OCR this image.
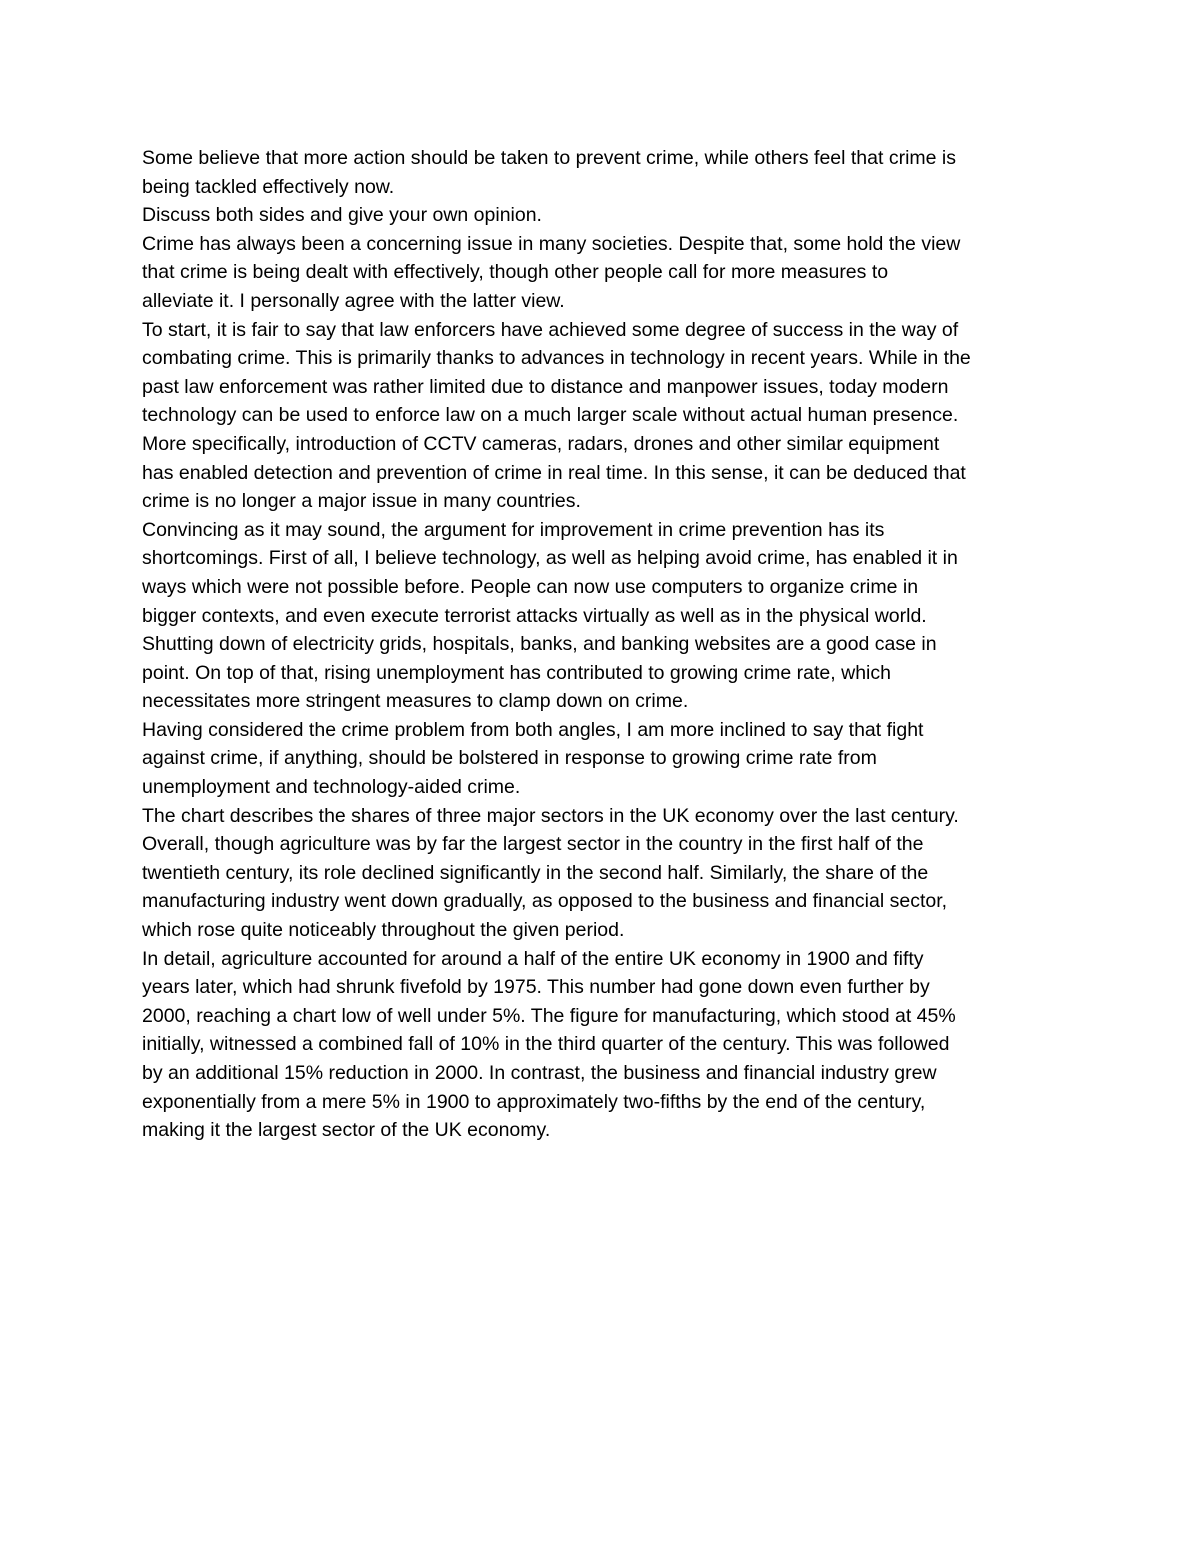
Some believe that more action should be taken to prevent crime, while others feel that crime is
being tackled effectively now.

Discuss both sides and give your own opinion.

Crime has always been a concerning issue in many societies. Despite that, some hold the view
that crime is being dealt with effectively, though other people call for more measures to
alleviate it. I personally agree with the latter view.

To start, it is fair to say that law enforcers have achieved some degree of success in the way of
combating crime. This is primarily thanks to advances in technology in recent years. While in the
past law enforcement was rather limited due to distance and manpower issues, today modern
technology can be used to enforce law on a much larger scale without actual human presence.
More specifically, introduction of CCTV cameras, radars, drones and other similar equipment
has enabled detection and prevention of crime in real time. In this sense, it can be deduced that
crime is no longer a major issue in many countries.

Convincing as it may sound, the argument for improvement in crime prevention has its
shortcomings. First of all, I believe technology, as well as helping avoid crime, has enabled it in
ways which were not possible before. People can now use computers to organize crime in
bigger contexts, and even execute terrorist attacks virtually as well as in the physical world.
Shutting down of electricity grids, hospitals, banks, and banking websites are a good case in
point. On top of that, rising unemployment has contributed to growing crime rate, which
necessitates more stringent measures to clamp down on crime.

Having considered the crime problem from both angles, I am more inclined to say that fight
against crime, if anything, should be bolstered in response to growing crime rate from
unemployment and technology-aided crime.

The chart describes the shares of three major sectors in the UK economy over the last century.

Overall, though agriculture was by far the largest sector in the country in the first half of the
twentieth century, its role declined significantly in the second half. Similarly, the share of the
manufacturing industry went down gradually, as opposed to the business and financial sector,
which rose quite noticeably throughout the given period.

In detail, agriculture accounted for around a half of the entire UK economy in 1900 and fifty
years later, which had shrunk fivefold by 1975. This number had gone down even further by
2000, reaching a chart low of well under 5%. The figure for manufacturing, which stood at 45%
initially, witnessed a combined fall of 10% in the third quarter of the century. This was followed
by an additional 15% reduction in 2000. In contrast, the business and financial industry grew
exponentially from a mere 5% in 1900 to approximately two-fifths by the end of the century,
making it the largest sector of the UK economy.
